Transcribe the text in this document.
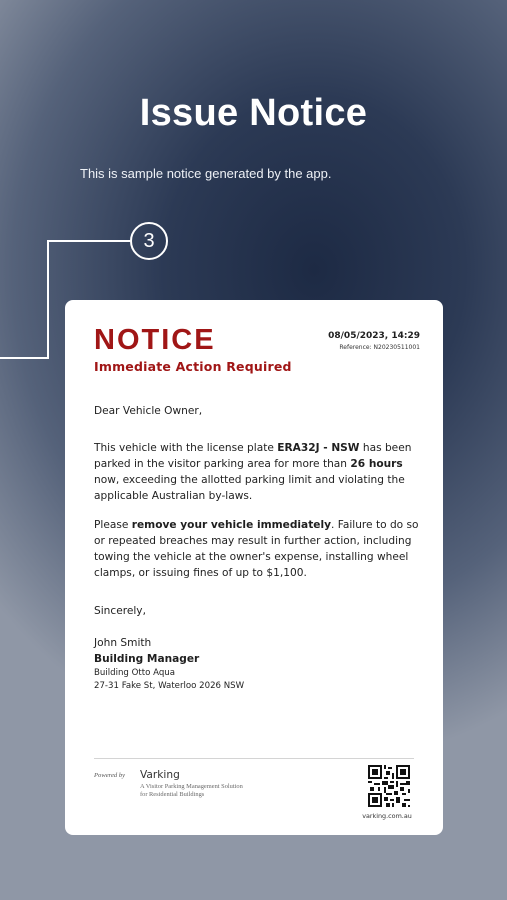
Issue Notice
This is sample notice generated by the app.
3
NOTICE
Immediate Action Required
08/05/2023, 14:29
Reference: N20230511001
Dear Vehicle Owner,
This vehicle with the license plate ERA32J - NSW has been parked in the visitor parking area for more than 26 hours now, exceeding the allotted parking limit and violating the applicable Australian by-laws.
Please remove your vehicle immediately. Failure to do so or repeated breaches may result in further action, including towing the vehicle at the owner's expense, installing wheel clamps, or issuing fines of up to $1,100.
Sincerely,
John Smith
Building Manager
Building Otto Aqua
27-31 Fake St, Waterloo 2026 NSW
Powered by Varking
A Visitor Parking Management Solution
for Residential Buildings
varking.com.au
